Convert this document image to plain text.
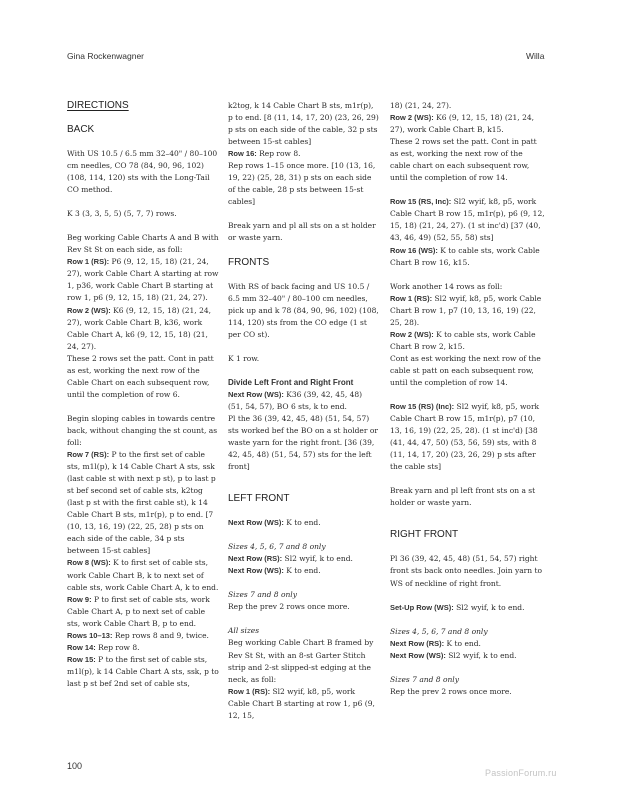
Gina Rockenwagner	Willa
DIRECTIONS
BACK

With US 10.5 / 6.5 mm 32–40" / 80–100 cm needles, CO 78 (84, 90, 96, 102) (108, 114, 120) sts with the Long-Tail CO method.

K 3 (3, 3, 5, 5) (5, 7, 7) rows.

Beg working Cable Charts A and B with Rev St St on each side, as foll:
Row 1 (RS): P6 (9, 12, 15, 18) (21, 24, 27), work Cable Chart A starting at row 1, p36, work Cable Chart B starting at row 1, p6 (9, 12, 15, 18) (21, 24, 27).
Row 2 (WS): K6 (9, 12, 15, 18) (21, 24, 27), work Cable Chart B, k36, work Cable Chart A, k6 (9, 12, 15, 18) (21, 24, 27).
These 2 rows set the patt. Cont in patt as est, working the next row of the Cable Chart on each subsequent row, until the completion of row 6.

Begin sloping cables in towards centre back, without changing the st count, as foll:
Row 7 (RS): P to the first set of cable sts, m1l(p), k 14 Cable Chart A sts, ssk (last cable st with next p st), p to last p st bef second set of cable sts, k2tog (last p st with the first cable st), k 14 Cable Chart B sts, m1r(p), p to end. [7 (10, 13, 16, 19) (22, 25, 28) p sts on each side of the cable, 34 p sts between 15-st cables]
Row 8 (WS): K to first set of cable sts, work Cable Chart B, k to next set of cable sts, work Cable Chart A, k to end.
Row 9: P to first set of cable sts, work Cable Chart A, p to next set of cable sts, work Cable Chart B, p to end.
Rows 10–13: Rep rows 8 and 9, twice.
Row 14: Rep row 8.
Row 15: P to the first set of cable sts, m1l(p), k 14 Cable Chart A sts, ssk, p to last p st bef 2nd set of cable sts,

k2tog, k 14 Cable Chart B sts, m1r(p), p to end. [8 (11, 14, 17, 20) (23, 26, 29) p sts on each side of the cable, 32 p sts between 15-st cables]
Row 16: Rep row 8.
Rep rows 1–15 once more. [10 (13, 16, 19, 22) (25, 28, 31) p sts on each side of the cable, 28 p sts between 15-st cables]

Break yarn and pl all sts on a st holder or waste yarn.

FRONTS

With RS of back facing and US 10.5 / 6.5 mm 32–40" / 80–100 cm needles, pick up and k 78 (84, 90, 96, 102) (108, 114, 120) sts from the CO edge (1 st per CO st).

K 1 row.

Divide Left Front and Right Front
Next Row (WS): K36 (39, 42, 45, 48) (51, 54, 57), BO 6 sts, k to end.
Pl the 36 (39, 42, 45, 48) (51, 54, 57) sts worked bef the BO on a st holder or waste yarn for the right front. [36 (39, 42, 45, 48) (51, 54, 57) sts for the left front]

LEFT FRONT

Next Row (WS): K to end.

Sizes 4, 5, 6, 7 and 8 only
Next Row (RS): Sl2 wyif, k to end.
Next Row (WS): K to end.

Sizes 7 and 8 only
Rep the prev 2 rows once more.

All sizes
Beg working Cable Chart B framed by Rev St St, with an 8-st Garter Stitch strip and 2-st slipped-st edging at the neck, as foll:
Row 1 (RS): Sl2 wyif, k8, p5, work Cable Chart B starting at row 1, p6 (9, 12, 15,

18) (21, 24, 27).
Row 2 (WS): K6 (9, 12, 15, 18) (21, 24, 27), work Cable Chart B, k15.
These 2 rows set the patt. Cont in patt as est, working the next row of the cable chart on each subsequent row, until the completion of row 14.

Row 15 (RS, Inc): Sl2 wyif, k8, p5, work Cable Chart B row 15, m1r(p), p6 (9, 12, 15, 18) (21, 24, 27). (1 st inc'd) [37 (40, 43, 46, 49) (52, 55, 58) sts]
Row 16 (WS): K to cable sts, work Cable Chart B row 16, k15.

Work another 14 rows as foll:
Row 1 (RS): Sl2 wyif, k8, p5, work Cable Chart B row 1, p7 (10, 13, 16, 19) (22, 25, 28).
Row 2 (WS): K to cable sts, work Cable Chart B row 2, k15.
Cont as est working the next row of the cable st patt on each subsequent row, until the completion of row 14.

Row 15 (RS) (Inc): Sl2 wyif, k8, p5, work Cable Chart B row 15, m1r(p), p7 (10, 13, 16, 19) (22, 25, 28). (1 st inc'd) [38 (41, 44, 47, 50) (53, 56, 59) sts, with 8 (11, 14, 17, 20) (23, 26, 29) p sts after the cable sts]

Break yarn and pl left front sts on a st holder or waste yarn.

RIGHT FRONT

Pl 36 (39, 42, 45, 48) (51, 54, 57) right front sts back onto needles. Join yarn to WS of neckline of right front.

Set-Up Row (WS): Sl2 wyif, k to end.

Sizes 4, 5, 6, 7 and 8 only
Next Row (RS): K to end.
Next Row (WS): Sl2 wyif, k to end.

Sizes 7 and 8 only
Rep the prev 2 rows once more.

100
PassionForum.ru
